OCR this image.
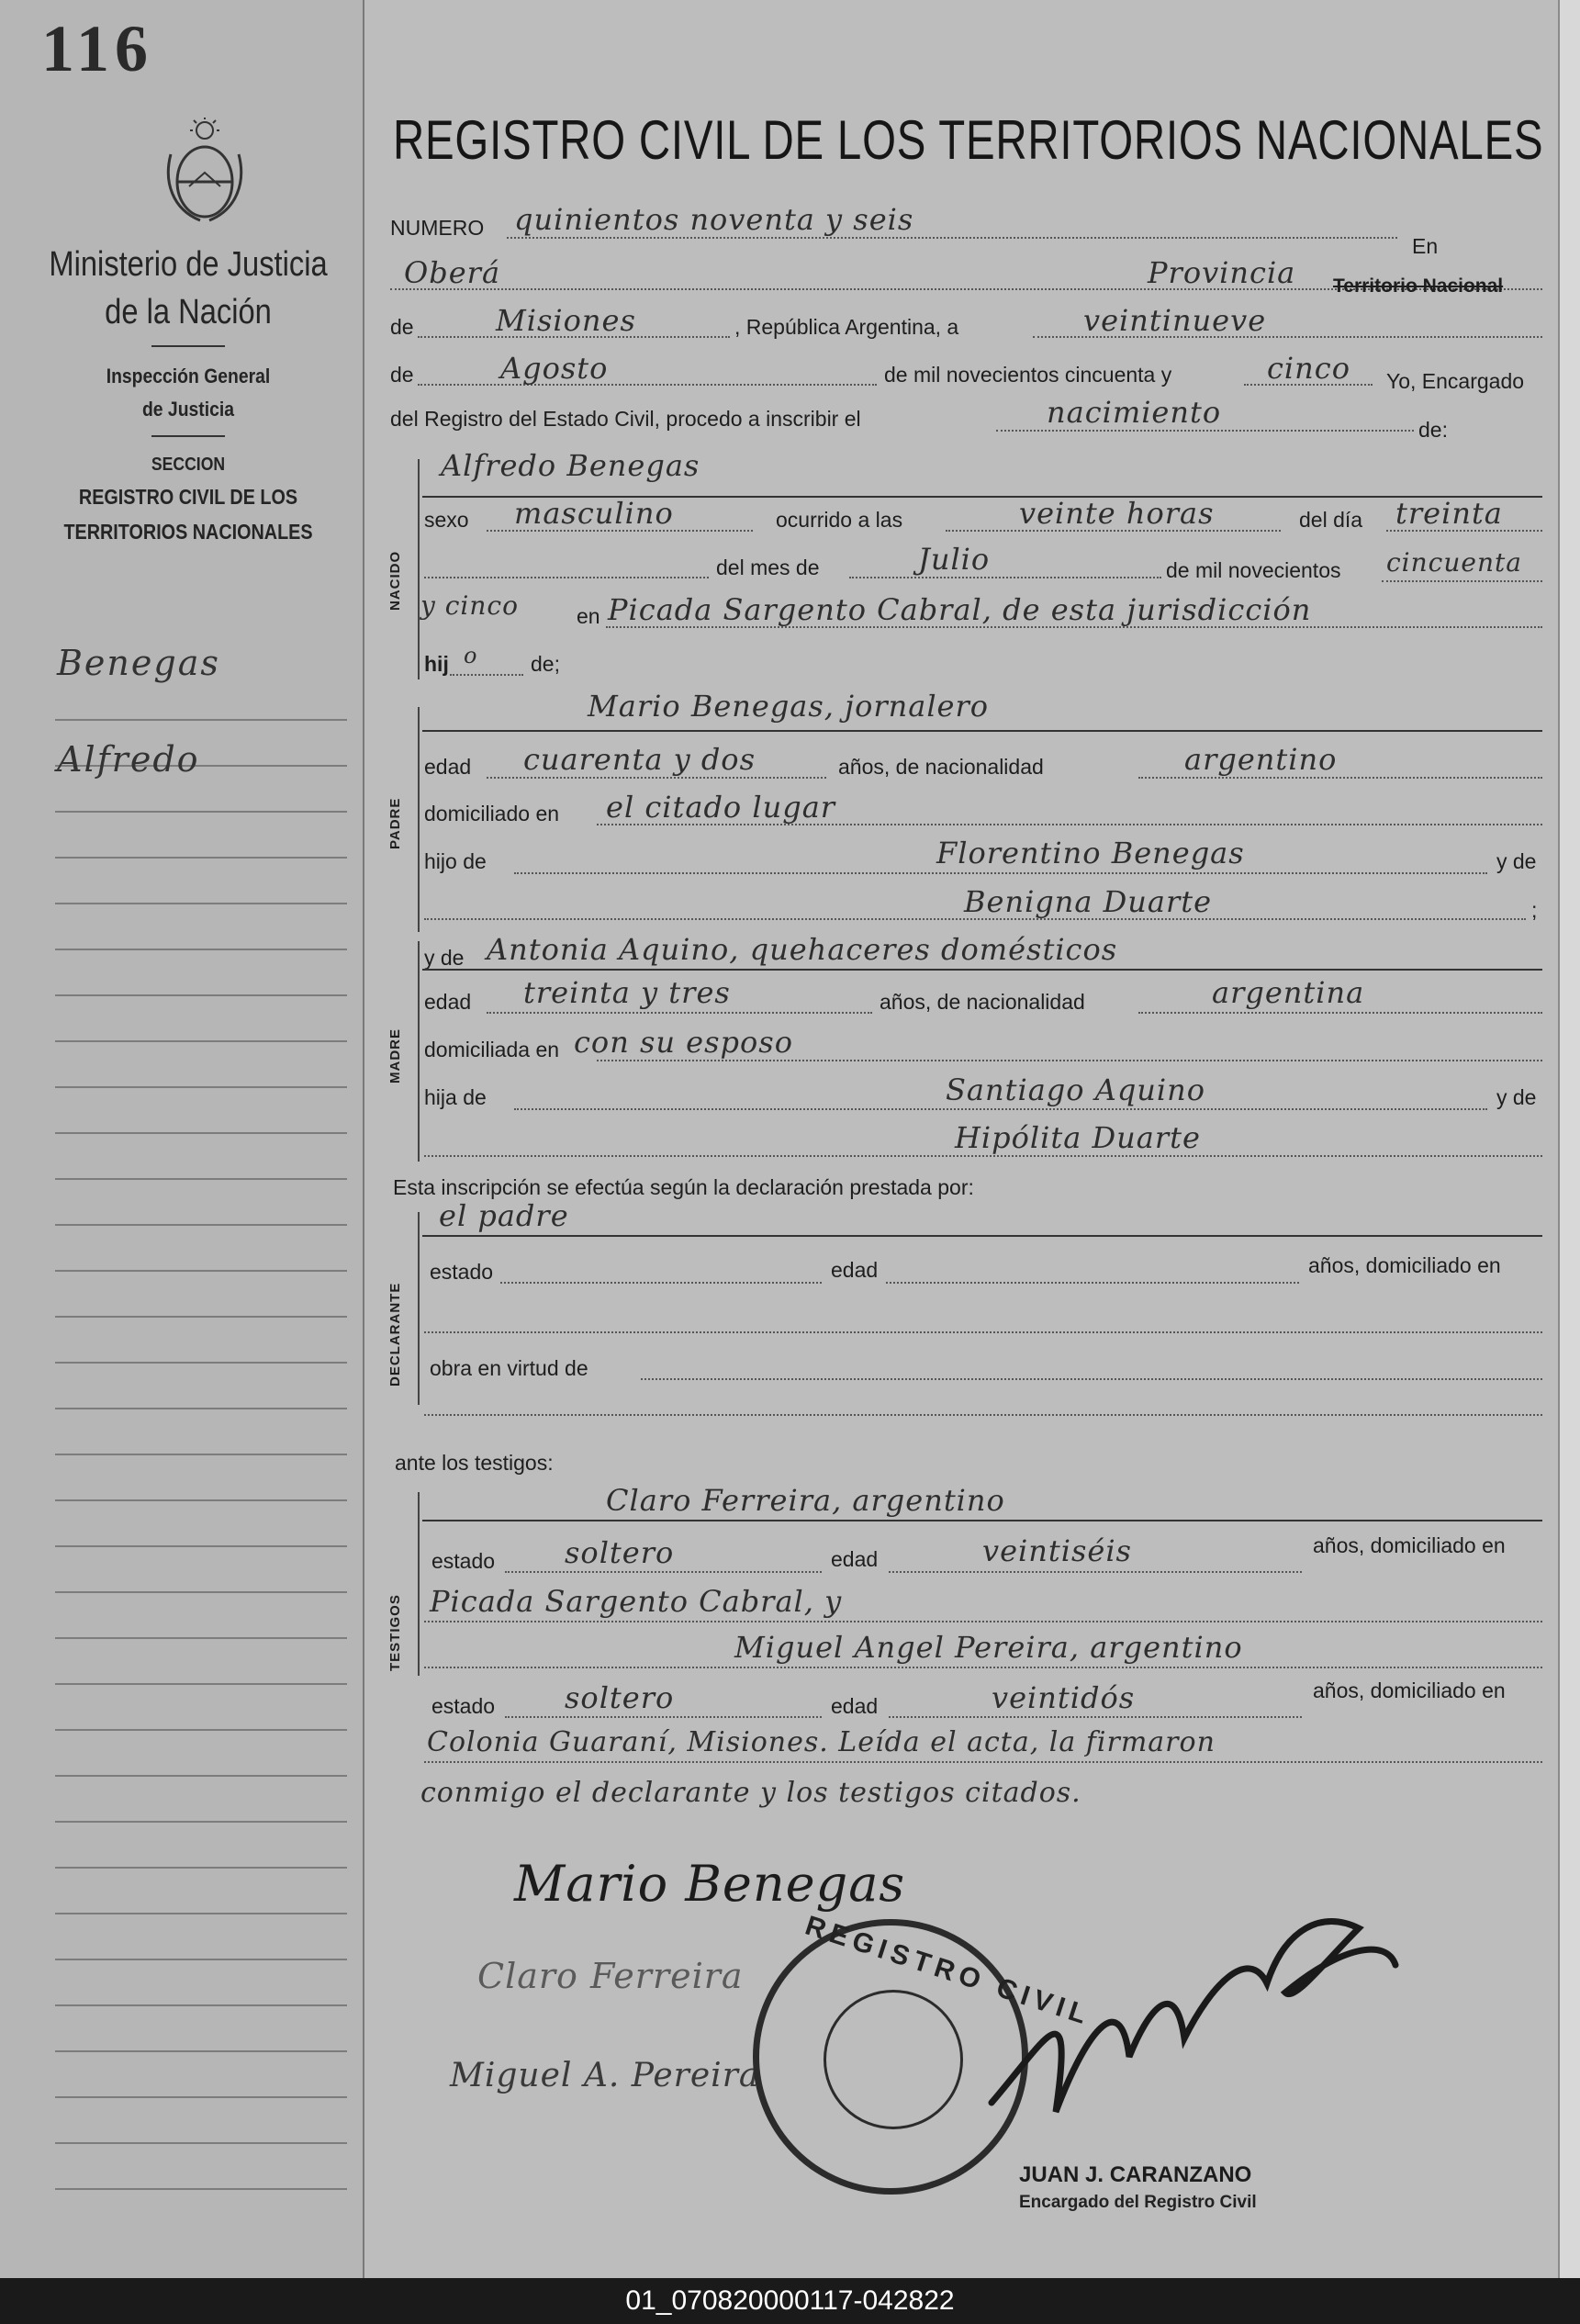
116
Ministerio de Justicia
de la Nación
Inspección General
de Justicia
SECCION
REGISTRO CIVIL DE LOS
TERRITORIOS NACIONALES
Benegas
Alfredo
REGISTRO CIVIL DE LOS TERRITORIOS NACIONALES
NUMERO quinientos noventa y seis
En
Oberá	Provincia Territorio Nacional
de	Misiones	, República Argentina, a	veintinueve
de	Agosto	de mil novecientos cincuenta y	cinco Yo, Encargado
del Registro del Estado Civil, procedo a inscribir el	nacimiento	de:
NACIDO
Alfredo Benegas
sexo masculino	ocurrido a las	veinte horas	del día treinta
del mes de	Julio	de mil novecientos cincuenta
y cinco	en Picada Sargento Cabral, de esta jurisdicción
hij o	de;
PADRE
Mario Benegas, jornalero
edad cuarenta y dos	años, de nacionalidad	argentino
domiciliado en el citado lugar
hijo de	Florentino Benegas	y de
Benigna Duarte	;
MADRE
y de Antonia Aquino, quehaceres domésticos
edad treinta y tres	años, de nacionalidad	argentina
domiciliada en con su esposo
hija de	Santiago Aquino	y de
Hipólita Duarte
Esta inscripción se efectúa según la declaración prestada por:
DECLARANTE
el padre
estado	edad	años, domiciliado en
obra en virtud de
ante los testigos:
TESTIGOS
Claro Ferreira, argentino
estado soltero	edad	veintiséis	años, domiciliado en
Picada Sargento Cabral, y
Miguel Angel Pereira, argentino
estado soltero	edad	veintidós	años, domiciliado en
Colonia Guaraní, Misiones. Leída el acta, la firmaron
conmigo el declarante y los testigos citados.
Mario Benegas
Claro Ferreira
Miguel A. Pereira
REGISTRO CIVIL
JUAN J. CARANZANO
Encargado del Registro Civil
01_070820000117-042822
